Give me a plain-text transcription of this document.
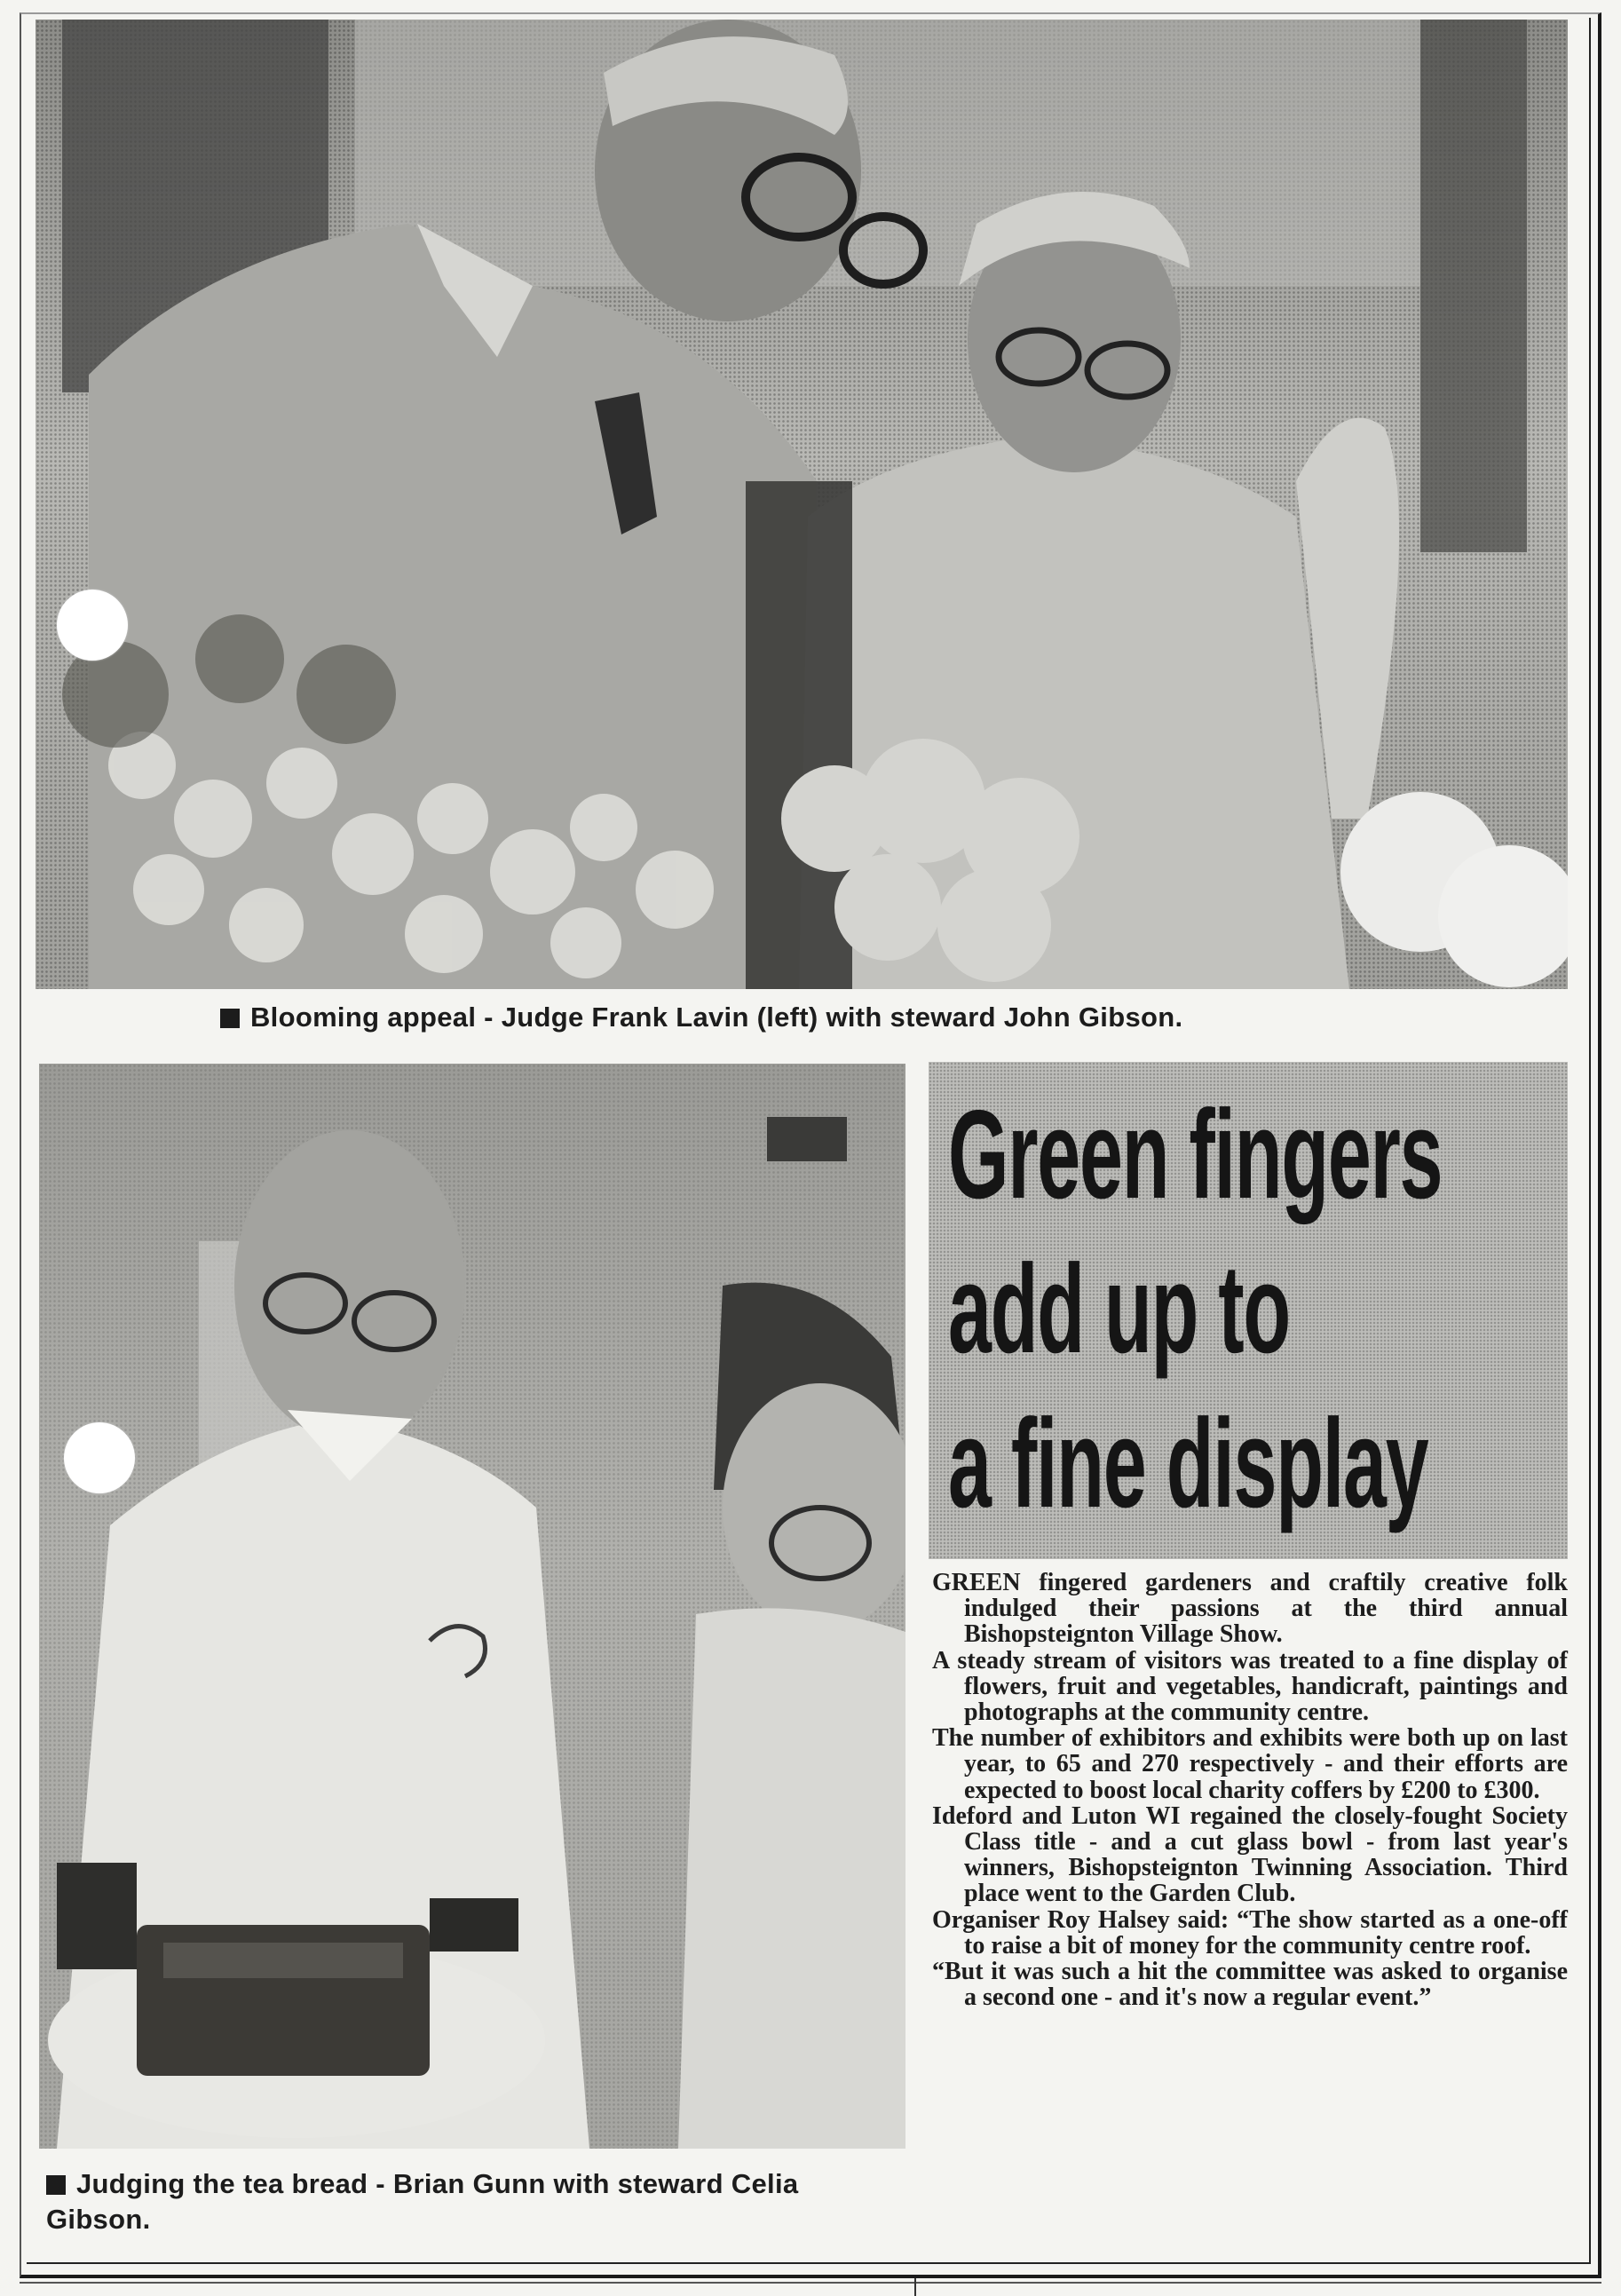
Blooming appeal - Judge Frank Lavin (left) with steward John Gibson.
Judging the tea bread - Brian Gunn with steward Celia Gibson.
Green fingers
add up to
a fine display

GREEN fingered gardeners and craftily creative folk indulged their passions at the third annual Bishopsteignton Village Show.

A steady stream of visitors was treated to a fine display of flowers, fruit and vegetables, handicraft, paintings and photographs at the community centre.

The number of exhibitors and exhibits were both up on last year, to 65 and 270 respectively - and their efforts are expected to boost local charity coffers by £200 to £300.

Ideford and Luton WI regained the closely-fought Society Class title - and a cut glass bowl - from last year's winners, Bishopsteignton Twinning Association. Third place went to the Garden Club.

Organiser Roy Halsey said: “The show started as a one-off to raise a bit of money for the community centre roof.

“But it was such a hit the committee was asked to organise a second one - and it's now a regular event.”
